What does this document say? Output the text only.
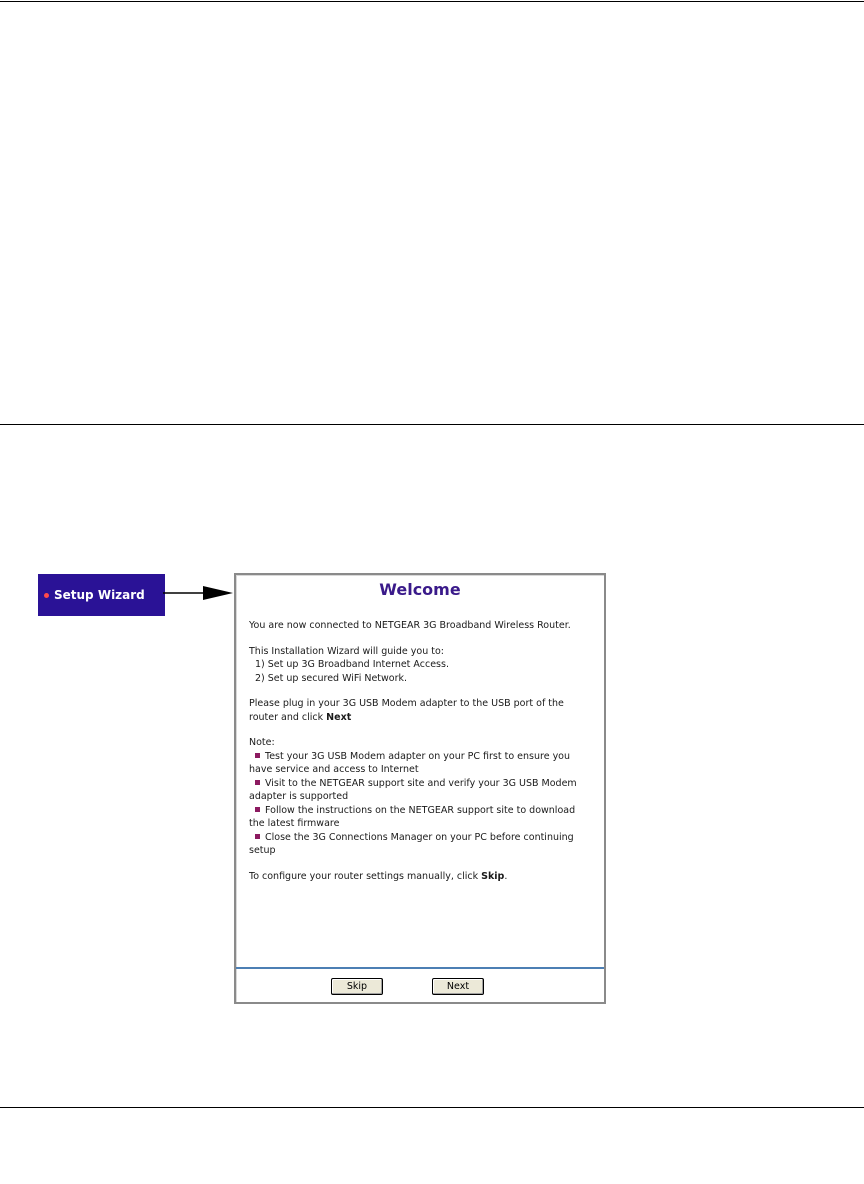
Setup Wizard	Welcome

You are now connected to NETGEAR 3G Broadband Wireless Router.

This Installation Wizard will guide you to:

1) Set up 3G Broadband Internet Access.

2) Set up secured WiFi Network.

Please plug in your 3G USB Modem adapter to the USB port of the

router and click Next

Note:

Test your 3G USB Modem adapter on your PC first to ensure you

have service and access to Internet

Visit to the NETGEAR support site and verify your 3G USB Modem

adapter is supported

Follow the instructions on the NETGEAR support site to download

the latest firmware

Close the 3G Connections Manager on your PC before continuing

setup

To configure your router settings manually, click Skip.

Skip	Next
